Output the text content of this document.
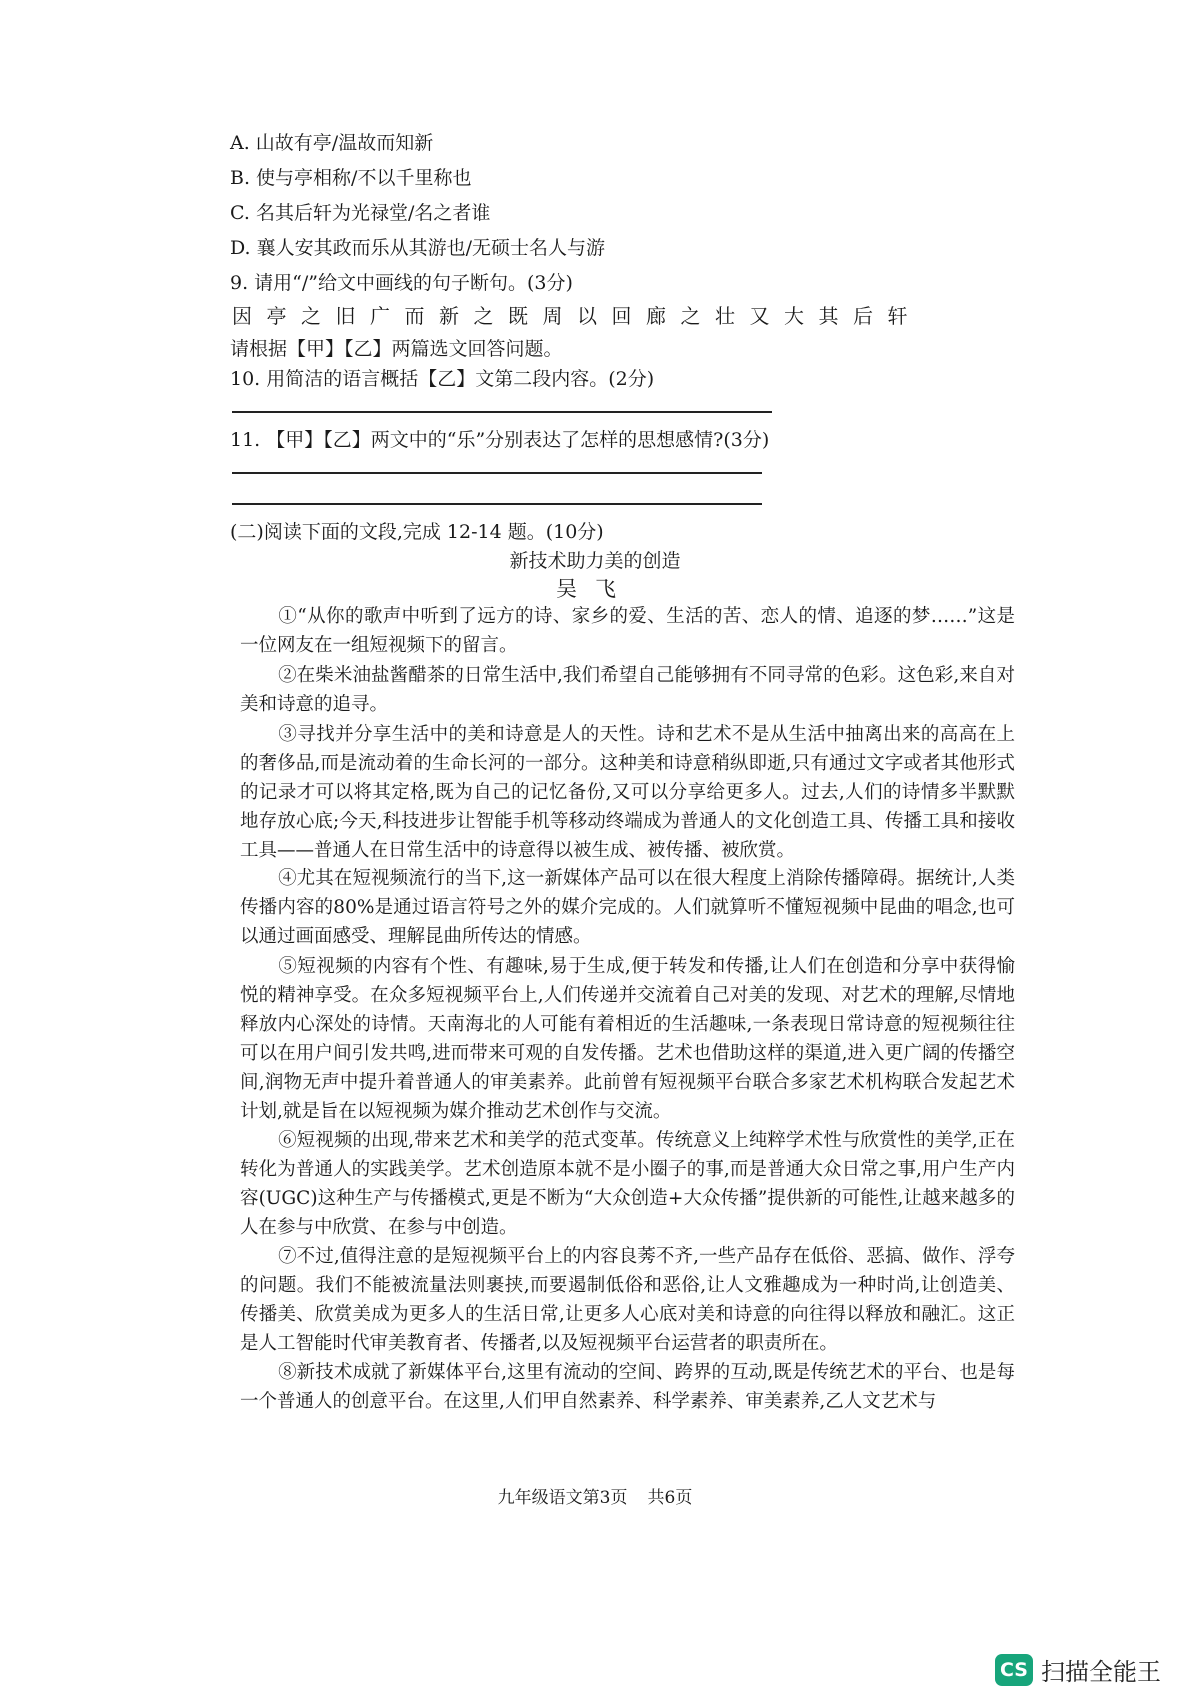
A. 山故有亭/温故而知新
B. 使与亭相称/不以千里称也
C. 名其后轩为光禄堂/名之者谁
D. 襄人安其政而乐从其游也/无硕士名人与游
9. 请用“/”给文中画线的句子断句。(3分)
因亭之旧广而新之既周以回廊之壮又大其后轩
请根据【甲】【乙】两篇选文回答问题。
10. 用简洁的语言概括【乙】文第二段内容。(2分)
11. 【甲】【乙】两文中的“乐”分别表达了怎样的思想感情?(3分)
(二)阅读下面的文段,完成 12-14 题。(10分)
新技术助力美的创造
吴飞
①“从你的歌声中听到了远方的诗、家乡的爱、生活的苦、恋人的情、追逐的梦……”这是一位网友在一组短视频下的留言。
②在柴米油盐酱醋茶的日常生活中,我们希望自己能够拥有不同寻常的色彩。这色彩,来自对美和诗意的追寻。
③寻找并分享生活中的美和诗意是人的天性。诗和艺术不是从生活中抽离出来的高高在上的奢侈品,而是流动着的生命长河的一部分。这种美和诗意稍纵即逝,只有通过文字或者其他形式的记录才可以将其定格,既为自己的记忆备份,又可以分享给更多人。过去,人们的诗情多半默默地存放心底;今天,科技进步让智能手机等移动终端成为普通人的文化创造工具、传播工具和接收工具——普通人在日常生活中的诗意得以被生成、被传播、被欣赏。
④尤其在短视频流行的当下,这一新媒体产品可以在很大程度上消除传播障碍。据统计,人类传播内容的80%是通过语言符号之外的媒介完成的。人们就算听不懂短视频中昆曲的唱念,也可以通过画面感受、理解昆曲所传达的情感。
⑤短视频的内容有个性、有趣味,易于生成,便于转发和传播,让人们在创造和分享中获得愉悦的精神享受。在众多短视频平台上,人们传递并交流着自己对美的发现、对艺术的理解,尽情地释放内心深处的诗情。天南海北的人可能有着相近的生活趣味,一条表现日常诗意的短视频往往可以在用户间引发共鸣,进而带来可观的自发传播。艺术也借助这样的渠道,进入更广阔的传播空间,润物无声中提升着普通人的审美素养。此前曾有短视频平台联合多家艺术机构联合发起艺术计划,就是旨在以短视频为媒介推动艺术创作与交流。
⑥短视频的出现,带来艺术和美学的范式变革。传统意义上纯粹学术性与欣赏性的美学,正在转化为普通人的实践美学。艺术创造原本就不是小圈子的事,而是普通大众日常之事,用户生产内容(UGC)这种生产与传播模式,更是不断为“大众创造+大众传播”提供新的可能性,让越来越多的人在参与中欣赏、在参与中创造。
⑦不过,值得注意的是短视频平台上的内容良莠不齐,一些产品存在低俗、恶搞、做作、浮夸的问题。我们不能被流量法则裹挟,而要遏制低俗和恶俗,让人文雅趣成为一种时尚,让创造美、传播美、欣赏美成为更多人的生活日常,让更多人心底对美和诗意的向往得以释放和融汇。这正是人工智能时代审美教育者、传播者,以及短视频平台运营者的职责所在。
⑧新技术成就了新媒体平台,这里有流动的空间、跨界的互动,既是传统艺术的平台、也是每一个普通人的创意平台。在这里,人们甲自然素养、科学素养、审美素养,乙人文艺术与
九年级语文第3页 共6页
CS 扫描全能王
